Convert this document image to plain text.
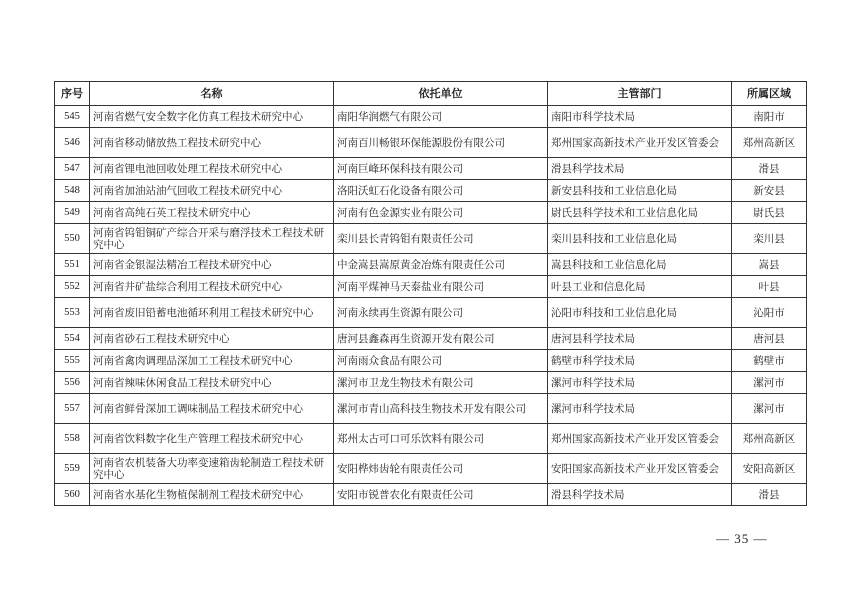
序号	名称	依托单位	主管部门	所属区域
545	河南省燃气安全数字化仿真工程技术研究中心	南阳华润燃气有限公司	南阳市科学技术局	南阳市
546	河南省移动储放热工程技术研究中心	河南百川畅银环保能源股份有限公司	郑州国家高新技术产业开发区管委会	郑州高新区
547	河南省锂电池回收处理工程技术研究中心	河南巨峰环保科技有限公司	滑县科学技术局	滑县
548	河南省加油站油气回收工程技术研究中心	洛阳沃虹石化设备有限公司	新安县科技和工业信息化局	新安县
549	河南省高纯石英工程技术研究中心	河南有色金源实业有限公司	尉氏县科学技术和工业信息化局	尉氏县
550	河南省钨钼铜矿产综合开采与磨浮技术工程技术研究中心	栾川县长青钨钼有限责任公司	栾川县科技和工业信息化局	栾川县
551	河南省金银湿法精冶工程技术研究中心	中金嵩县嵩原黄金冶炼有限责任公司	嵩县科技和工业信息化局	嵩县
552	河南省井矿盐综合利用工程技术研究中心	河南平煤神马天泰盐业有限公司	叶县工业和信息化局	叶县
553	河南省废旧铅蓄电池循环利用工程技术研究中心	河南永续再生资源有限公司	沁阳市科技和工业信息化局	沁阳市
554	河南省砂石工程技术研究中心	唐河县鑫森再生资源开发有限公司	唐河县科学技术局	唐河县
555	河南省禽肉调理品深加工工程技术研究中心	河南雨众食品有限公司	鹤壁市科学技术局	鹤壁市
556	河南省辣味休闲食品工程技术研究中心	漯河市卫龙生物技术有限公司	漯河市科学技术局	漯河市
557	河南省鲜骨深加工调味制品工程技术研究中心	漯河市青山高科技生物技术开发有限公司	漯河市科学技术局	漯河市
558	河南省饮料数字化生产管理工程技术研究中心	郑州太古可口可乐饮料有限公司	郑州国家高新技术产业开发区管委会	郑州高新区
559	河南省农机装备大功率变速箱齿轮制造工程技术研究中心	安阳桦炜齿轮有限责任公司	安阳国家高新技术产业开发区管委会	安阳高新区
560	河南省水基化生物植保制剂工程技术研究中心	安阳市锐普农化有限责任公司	滑县科学技术局	滑县
— 35 —
